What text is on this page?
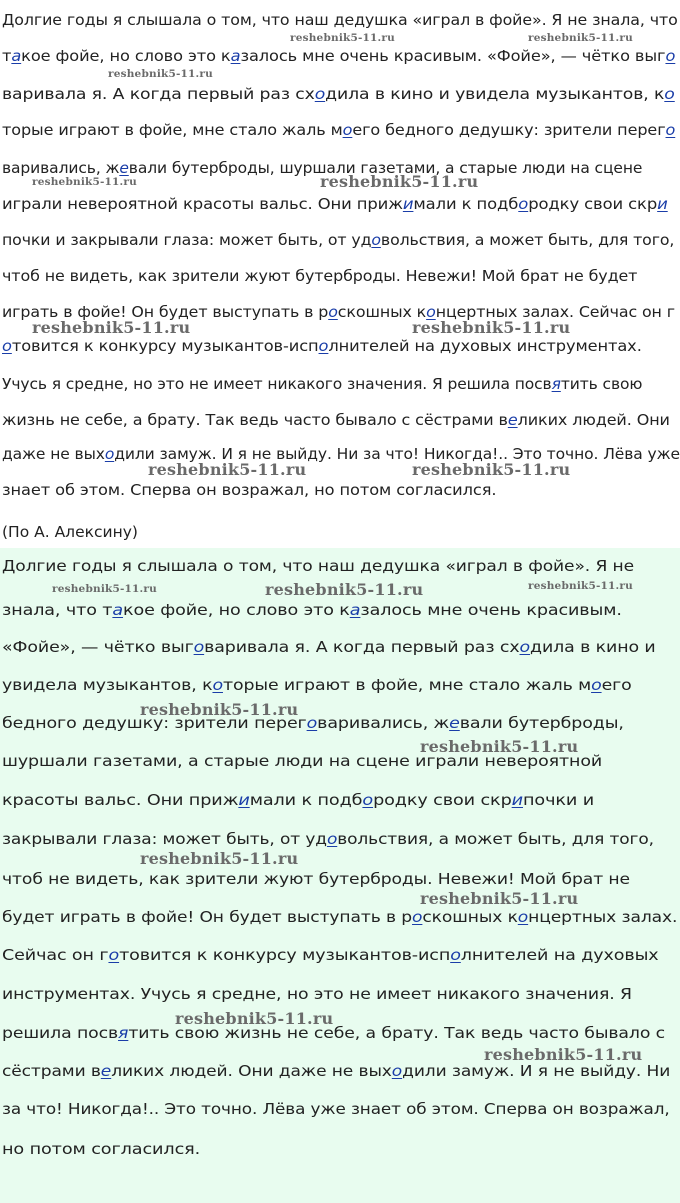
Долгие годы я слышала о том, что наш дедушка «играл в фойе». Я не знала, что
такое фойе, но слово это казалось мне очень красивым. «Фойе», — чётко выго
варивала я. А когда первый раз сходила в кино и увидела музыкантов, ко
торые играют в фойе, мне стало жаль моего бедного дедушку: зрители перего
варивались, жевали бутерброды, шуршали газетами, а старые люди на сцене
играли невероятной красоты вальс. Они прижимали к подбородку свои скри
почки и закрывали глаза: может быть, от удовольствия, а может быть, для того,
чтоб не видеть, как зрители жуют бутерброды. Невежи! Мой брат не будет
играть в фойе! Он будет выступать в роскошных концертных залах. Сейчас он г
отовится к конкурсу музыкантов-исполнителей на духовых инструментах.
Учусь я средне, но это не имеет никакого значения. Я решила посвятить свою
жизнь не себе, а брату. Так ведь часто бывало с сёстрами великих людей. Они
даже не выходили замуж. И я не выйду. Ни за что! Никогда!.. Это точно. Лёва уже
знает об этом. Сперва он возражал, но потом согласился.
Долгие годы я слышала о том, что наш дедушка «играл в фойе». Я не
знала, что такое фойе, но слово это казалось мне очень красивым.
«Фойе», — чётко выговаривала я. А когда первый раз сходила в кино и
увидела музыкантов, которые играют в фойе, мне стало жаль моего
бедного дедушку: зрители переговаривались, жевали бутерброды,
шуршали газетами, а старые люди на сцене играли невероятной
красоты вальс. Они прижимали к подбородку свои скрипочки и
закрывали глаза: может быть, от удовольствия, а может быть, для того,
чтоб не видеть, как зрители жуют бутерброды. Невежи! Мой брат не
будет играть в фойе! Он будет выступать в роскошных концертных залах.
Сейчас он готовится к конкурсу музыкантов-исполнителей на духовых
инструментах. Учусь я средне, но это не имеет никакого значения. Я
решила посвятить свою жизнь не себе, а брату. Так ведь часто бывало с
сёстрами великих людей. Они даже не выходили замуж. И я не выйду. Ни
за что! Никогда!.. Это точно. Лёва уже знает об этом. Сперва он возражал,
но потом согласился.
(По А. Алексину)
reshebnik5-11.ru	reshebnik5-11.ru
reshebnik5-11.ru
reshebnik5-11.ru	reshebnik5-11.ru
reshebnik5-11.ru	reshebnik5-11.ru
reshebnik5-11.ru	reshebnik5-11.ru
reshebnik5-11.ru	reshebnik5-11.ru	reshebnik5-11.ru
reshebnik5-11.ru
reshebnik5-11.ru
reshebnik5-11.ru
reshebnik5-11.ru
reshebnik5-11.ru
reshebnik5-11.ru
